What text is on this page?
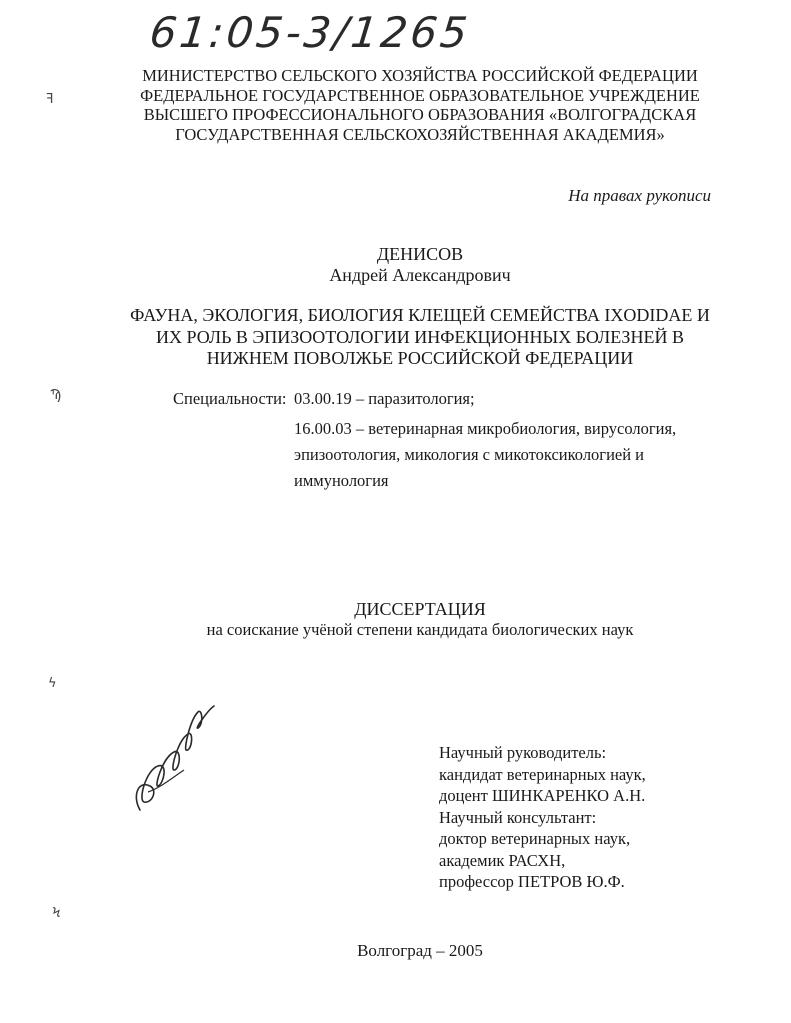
61:05-3/1265
ꟻ
Ϡ
ϟ
Ϟ
МИНИСТЕРСТВО СЕЛЬСКОГО ХОЗЯЙСТВА РОССИЙСКОЙ ФЕДЕРАЦИИ
ФЕДЕРАЛЬНОЕ ГОСУДАРСТВЕННОЕ ОБРАЗОВАТЕЛЬНОЕ УЧРЕЖДЕНИЕ
ВЫСШЕГО ПРОФЕССИОНАЛЬНОГО ОБРАЗОВАНИЯ «ВОЛГОГРАДСКАЯ
ГОСУДАРСТВЕННАЯ СЕЛЬСКОХОЗЯЙСТВЕННАЯ АКАДЕМИЯ»
На правах рукописи
ДЕНИСОВ
Андрей Александрович
ФАУНА, ЭКОЛОГИЯ, БИОЛОГИЯ КЛЕЩЕЙ СЕМЕЙСТВА IXODIDAE И
ИХ РОЛЬ В ЭПИЗООТОЛОГИИ ИНФЕКЦИОННЫХ БОЛЕЗНЕЙ В
НИЖНЕМ ПОВОЛЖЬЕ РОССИЙСКОЙ ФЕДЕРАЦИИ
Специальности: 03.00.19 – паразитология;
16.00.03 – ветеринарная микробиология, вирусология,
эпизоотология, микология с микотоксикологией и
иммунология
ДИССЕРТАЦИЯ
на соискание учёной степени кандидата биологических наук
Научный руководитель:
кандидат ветеринарных наук,
доцент ШИНКАРЕНКО А.Н.
Научный консультант:
доктор ветеринарных наук,
академик РАСХН,
профессор ПЕТРОВ Ю.Ф.
Волгоград – 2005
